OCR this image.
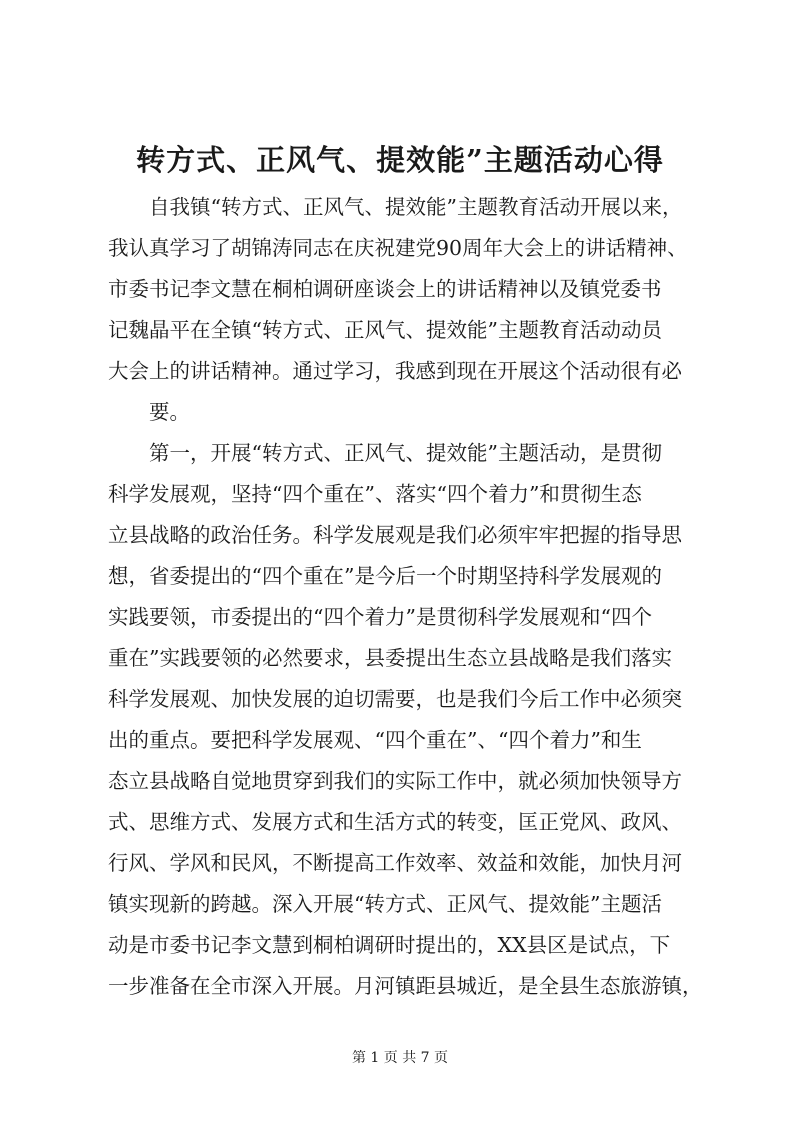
转方式、正风气、提效能”主题活动心得
自我镇“转方式、正风气、提效能”主题教育活动开展以来，
我认真学习了胡锦涛同志在庆祝建党90周年大会上的讲话精神、
市委书记李文慧在桐柏调研座谈会上的讲话精神以及镇党委书
记魏晶平在全镇“转方式、正风气、提效能”主题教育活动动员
大会上的讲话精神。通过学习，我感到现在开展这个活动很有必
要。
第一，开展“转方式、正风气、提效能”主题活动，是贯彻
科学发展观，坚持“四个重在”、落实“四个着力”和贯彻生态
立县战略的政治任务。科学发展观是我们必须牢牢把握的指导思
想，省委提出的“四个重在”是今后一个时期坚持科学发展观的
实践要领，市委提出的“四个着力”是贯彻科学发展观和“四个
重在”实践要领的必然要求，县委提出生态立县战略是我们落实
科学发展观、加快发展的迫切需要，也是我们今后工作中必须突
出的重点。要把科学发展观、“四个重在”、“四个着力”和生
态立县战略自觉地贯穿到我们的实际工作中，就必须加快领导方
式、思维方式、发展方式和生活方式的转变，匡正党风、政风、
行风、学风和民风，不断提高工作效率、效益和效能，加快月河
镇实现新的跨越。深入开展“转方式、正风气、提效能”主题活
动是市委书记李文慧到桐柏调研时提出的，XX县区是试点，下
一步准备在全市深入开展。月河镇距县城近，是全县生态旅游镇，
第 1 页 共 7 页
